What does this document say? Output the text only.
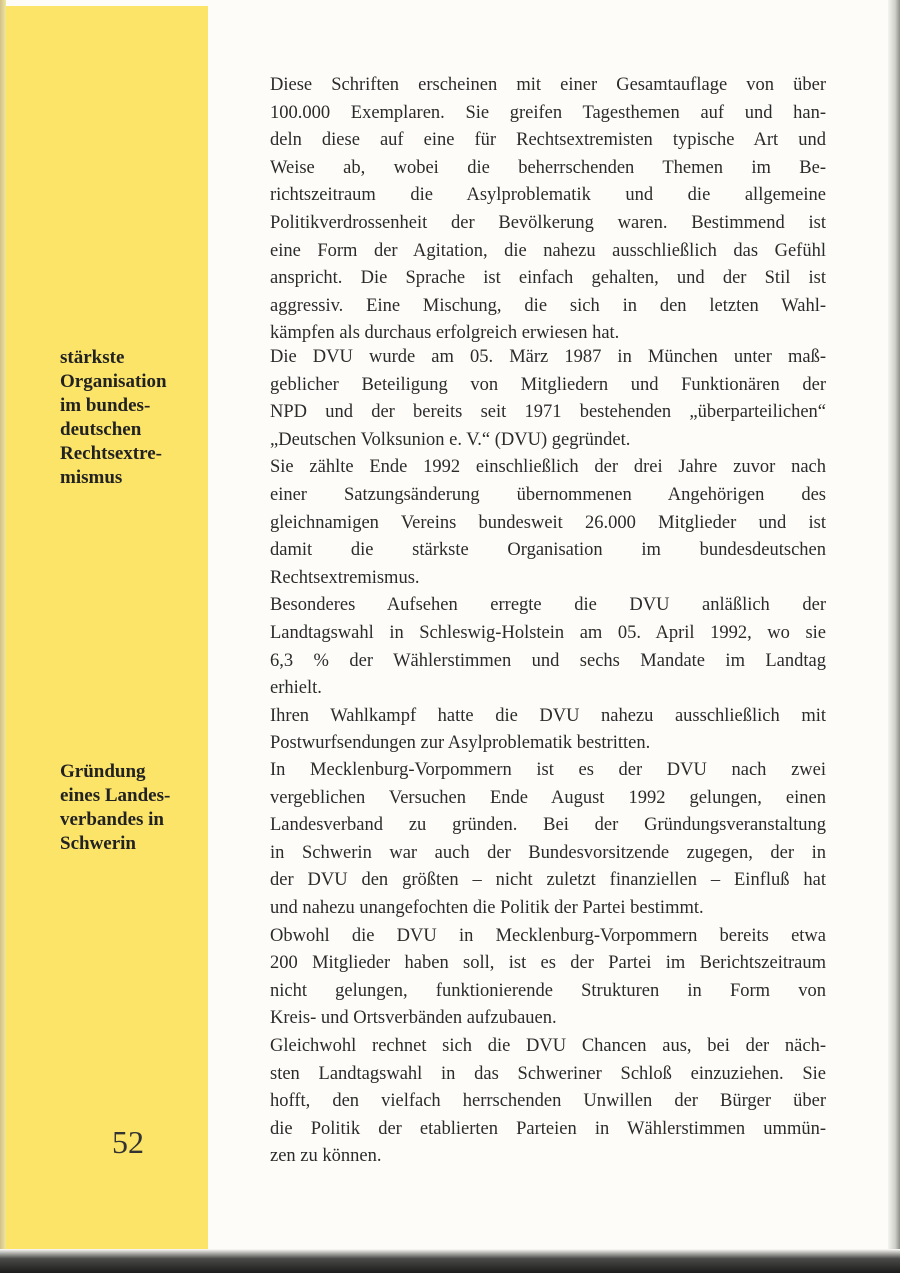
stärkste
Organisation
im bundes-
deutschen
Rechtsextre-
mismus
Gründung
eines Landes-
verbandes in
Schwerin
52
Diese Schriften erscheinen mit einer Gesamtauflage von über
100.000 Exemplaren. Sie greifen Tagesthemen auf und han-
deln diese auf eine für Rechtsextremisten typische Art und
Weise ab, wobei die beherrschenden Themen im Be-
richtszeitraum die Asylproblematik und die allgemeine
Politikverdrossenheit der Bevölkerung waren. Bestimmend ist
eine Form der Agitation, die nahezu ausschließlich das Gefühl
anspricht. Die Sprache ist einfach gehalten, und der Stil ist
aggressiv. Eine Mischung, die sich in den letzten Wahl-
kämpfen als durchaus erfolgreich erwiesen hat.
Die DVU wurde am 05. März 1987 in München unter maß-
geblicher Beteiligung von Mitgliedern und Funktionären der
NPD und der bereits seit 1971 bestehenden „überparteilichen“
„Deutschen Volksunion e. V.“ (DVU) gegründet.
Sie zählte Ende 1992 einschließlich der drei Jahre zuvor nach
einer Satzungsänderung übernommenen Angehörigen des
gleichnamigen Vereins bundesweit 26.000 Mitglieder und ist
damit die stärkste Organisation im bundesdeutschen
Rechtsextremismus.
Besonderes Aufsehen erregte die DVU anläßlich der
Landtagswahl in Schleswig-Holstein am 05. April 1992, wo sie
6,3 % der Wählerstimmen und sechs Mandate im Landtag
erhielt.
Ihren Wahlkampf hatte die DVU nahezu ausschließlich mit
Postwurfsendungen zur Asylproblematik bestritten.
In Mecklenburg-Vorpommern ist es der DVU nach zwei
vergeblichen Versuchen Ende August 1992 gelungen, einen
Landesverband zu gründen. Bei der Gründungsveranstaltung
in Schwerin war auch der Bundesvorsitzende zugegen, der in
der DVU den größten – nicht zuletzt finanziellen – Einfluß hat
und nahezu unangefochten die Politik der Partei bestimmt.
Obwohl die DVU in Mecklenburg-Vorpommern bereits etwa
200 Mitglieder haben soll, ist es der Partei im Berichtszeitraum
nicht gelungen, funktionierende Strukturen in Form von
Kreis- und Ortsverbänden aufzubauen.
Gleichwohl rechnet sich die DVU Chancen aus, bei der näch-
sten Landtagswahl in das Schweriner Schloß einzuziehen. Sie
hofft, den vielfach herrschenden Unwillen der Bürger über
die Politik der etablierten Parteien in Wählerstimmen ummün-
zen zu können.
